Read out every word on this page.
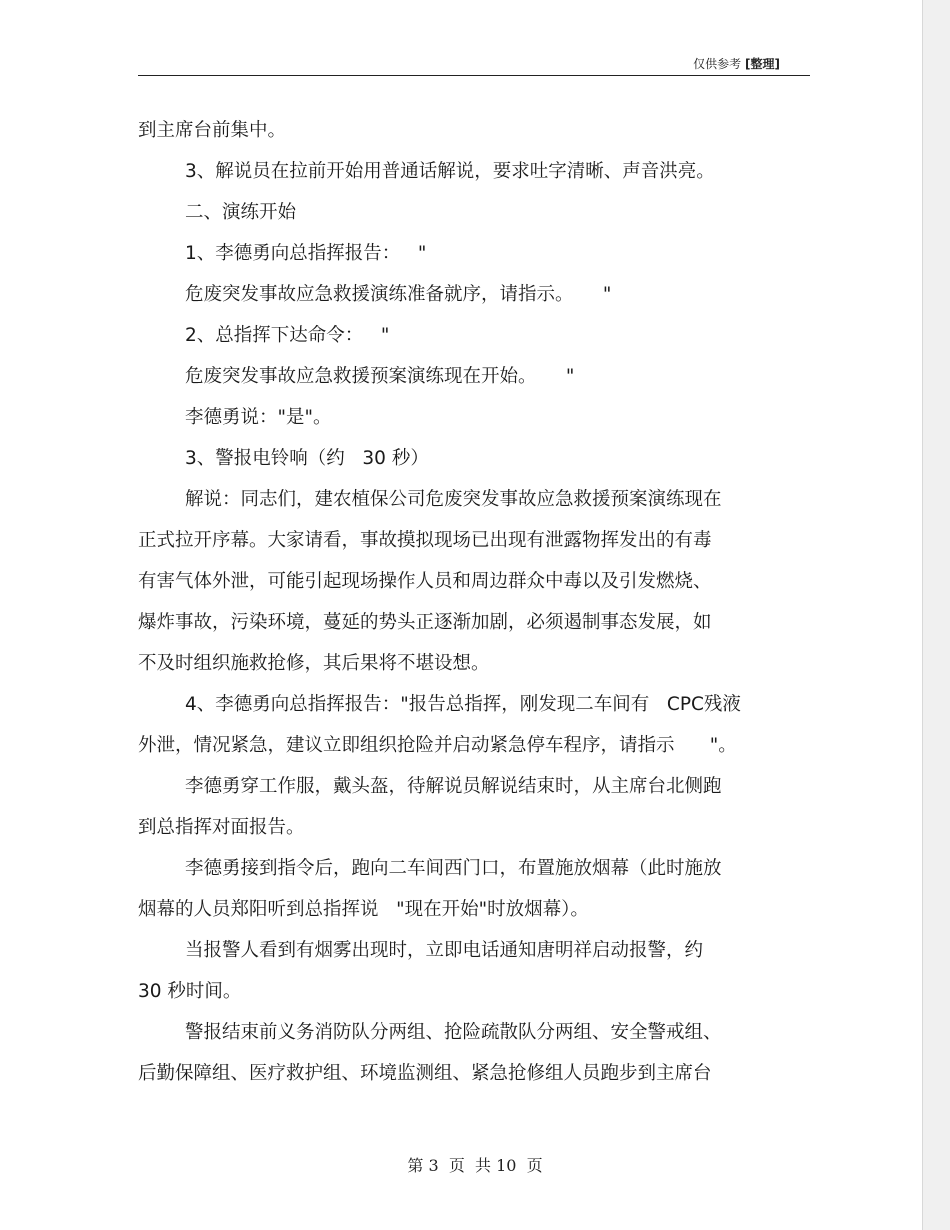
仅供参考 [整理]
到主席台前集中。
3、解说员在拉前开始用普通话解说，要求吐字清晰、声音洪亮。
二、演练开始
1、李德勇向总指挥报告：   "
危废突发事故应急救援演练准备就序，请指示。     "
2、总指挥下达命令：   "
危废突发事故应急救援预案演练现在开始。     "
李德勇说："是"。
3、警报电铃响（约   30 秒）
解说：同志们，建农植保公司危废突发事故应急救援预案演练现在
正式拉开序幕。大家请看，事故摸拟现场已出现有泄露物挥发出的有毒
有害气体外泄，可能引起现场操作人员和周边群众中毒以及引发燃烧、
爆炸事故，污染环境，蔓延的势头正逐渐加剧，必须遏制事态发展，如
不及时组织施救抢修，其后果将不堪设想。
4、李德勇向总指挥报告："报告总指挥，刚发现二车间有   CPC残液
外泄，情况紧急，建议立即组织抢险并启动紧急停车程序，请指示      "。
李德勇穿工作服，戴头盔，待解说员解说结束时，从主席台北侧跑
到总指挥对面报告。
李德勇接到指令后，跑向二车间西门口，布置施放烟幕（此时施放
烟幕的人员郑阳听到总指挥说   "现在开始"时放烟幕）。
当报警人看到有烟雾出现时，立即电话通知唐明祥启动报警，约
30 秒时间。
警报结束前义务消防队分两组、抢险疏散队分两组、安全警戒组、
后勤保障组、医疗救护组、环境监测组、紧急抢修组人员跑步到主席台
第 3  页  共 10  页
